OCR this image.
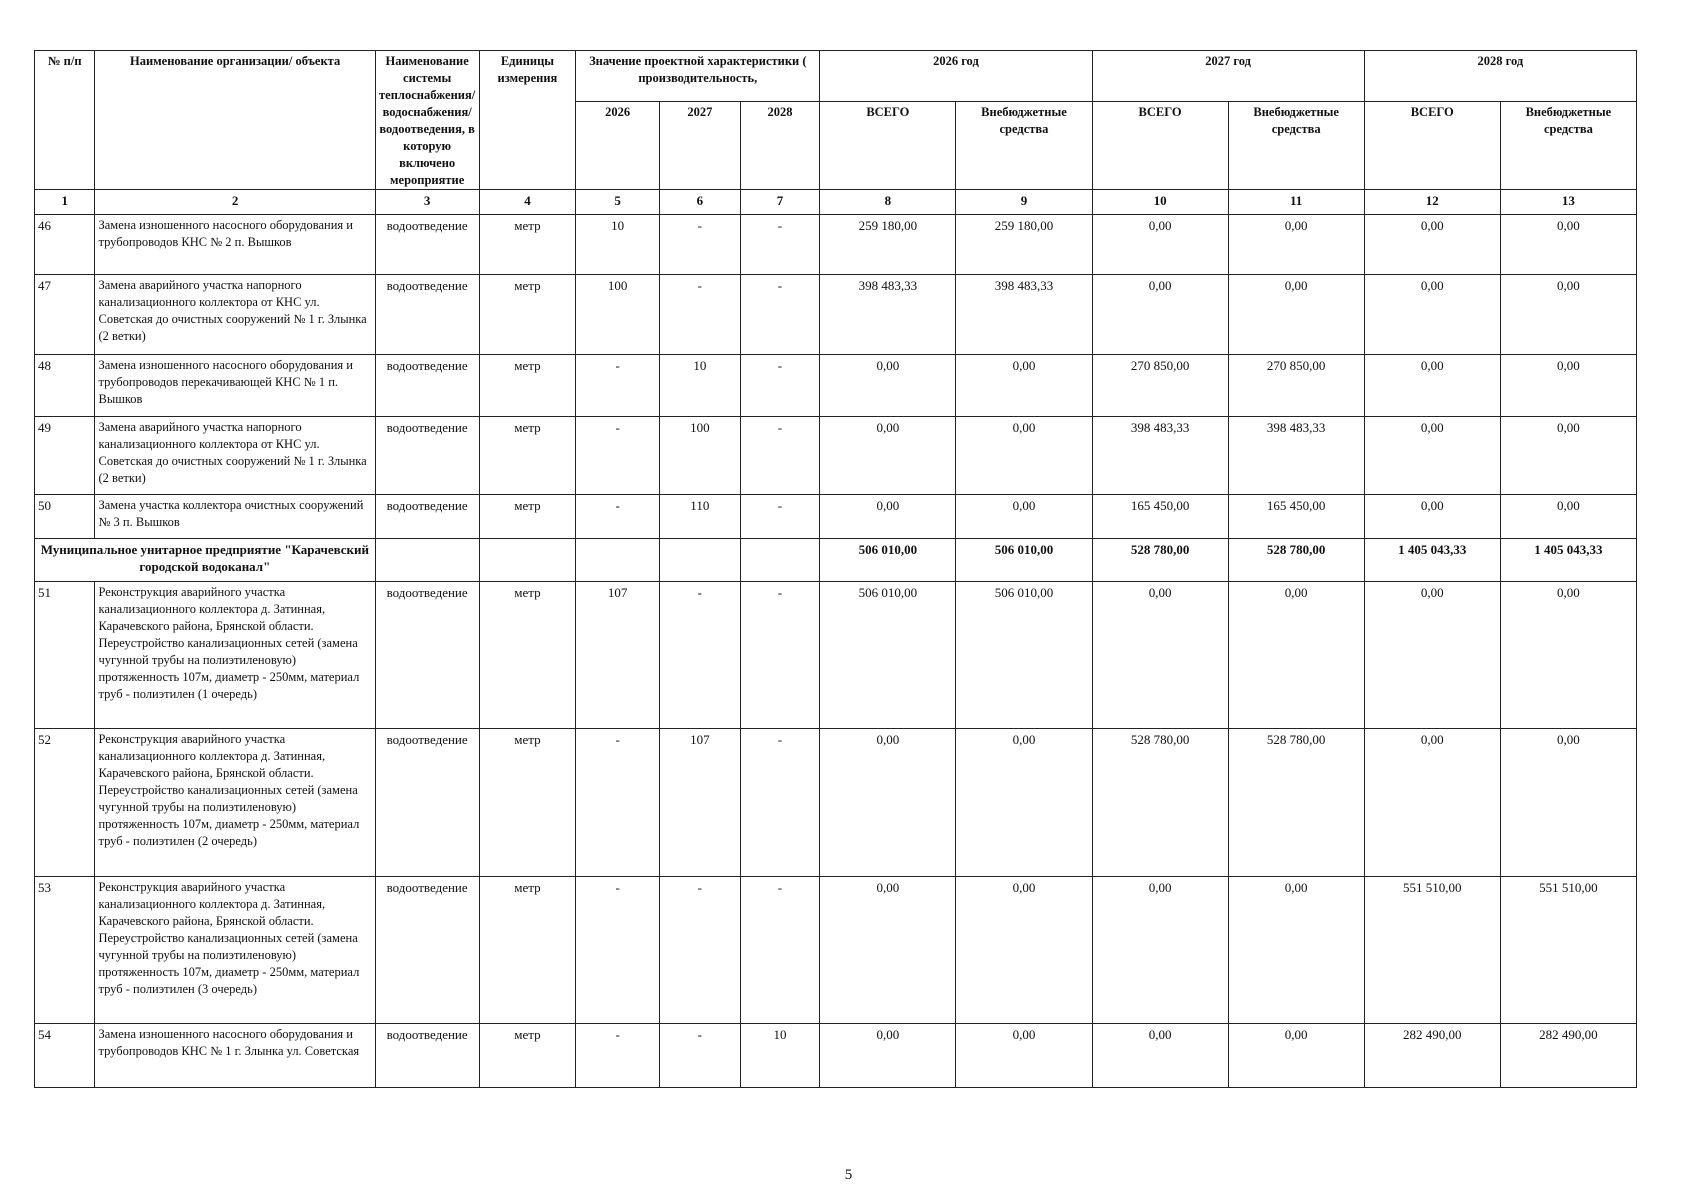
№ п/п	Наименование организации/ объекта	Наименование системы теплоснабжения/водоснабжения/водоотведения, в которую включено мероприятие	Единицы измерения	Значение проектной характеристики ( производительность,			2026 год		2027 год		2028 год	
				2026	2027	2028	ВСЕГО	Внебюджетные средства	ВСЕГО	Внебюджетные средства	ВСЕГО	Внебюджетные средства
1	2	3	4	5	6	7	8	9	10	11	12	13
46	Замена изношенного насосного оборудования и трубопроводов КНС № 2 п. Вышков	водоотведение	метр	10	-	-	259 180,00	259 180,00	0,00	0,00	0,00	0,00
47	Замена аварийного участка напорного канализационного коллектора от КНС ул. Советская до очистных сооружений № 1 г. Злынка (2 ветки)	водоотведение	метр	100	-	-	398 483,33	398 483,33	0,00	0,00	0,00	0,00
48	Замена изношенного насосного оборудования и трубопроводов перекачивающей КНС № 1 п. Вышков	водоотведение	метр	-	10	-	0,00	0,00	270 850,00	270 850,00	0,00	0,00
49	Замена аварийного участка напорного канализационного коллектора от КНС ул. Советская до очистных сооружений № 1 г. Злынка (2 ветки)	водоотведение	метр	-	100	-	0,00	0,00	398 483,33	398 483,33	0,00	0,00
50	Замена участка коллектора очистных сооружений № 3 п. Вышков	водоотведение	метр	-	110	-	0,00	0,00	165 450,00	165 450,00	0,00	0,00
Муниципальное унитарное предприятие "Карачевский городской водоканал"							506 010,00	506 010,00	528 780,00	528 780,00	1 405 043,33	1 405 043,33
51	Реконструкция аварийного участка канализационного коллектора д. Затинная, Карачевского района, Брянской области. Переустройство канализационных сетей (замена чугунной трубы на полиэтиленовую) протяженность 107м, диаметр - 250мм, материал труб - полиэтилен (1 очередь)	водоотведение	метр	107	-	-	506 010,00	506 010,00	0,00	0,00	0,00	0,00
52	Реконструкция аварийного участка канализационного коллектора д. Затинная, Карачевского района, Брянской области. Переустройство канализационных сетей (замена чугунной трубы на полиэтиленовую) протяженность 107м, диаметр - 250мм, материал труб - полиэтилен (2 очередь)	водоотведение	метр	-	107	-	0,00	0,00	528 780,00	528 780,00	0,00	0,00
53	Реконструкция аварийного участка канализационного коллектора д. Затинная, Карачевского района, Брянской области. Переустройство канализационных сетей (замена чугунной трубы на полиэтиленовую) протяженность 107м, диаметр - 250мм, материал труб - полиэтилен (3 очередь)	водоотведение	метр	-	-	-	0,00	0,00	0,00	0,00	551 510,00	551 510,00
54	Замена изношенного насосного оборудования и трубопроводов КНС № 1 г. Злынка ул. Советская	водоотведение	метр	-	-	10	0,00	0,00	0,00	0,00	282 490,00	282 490,00
5
